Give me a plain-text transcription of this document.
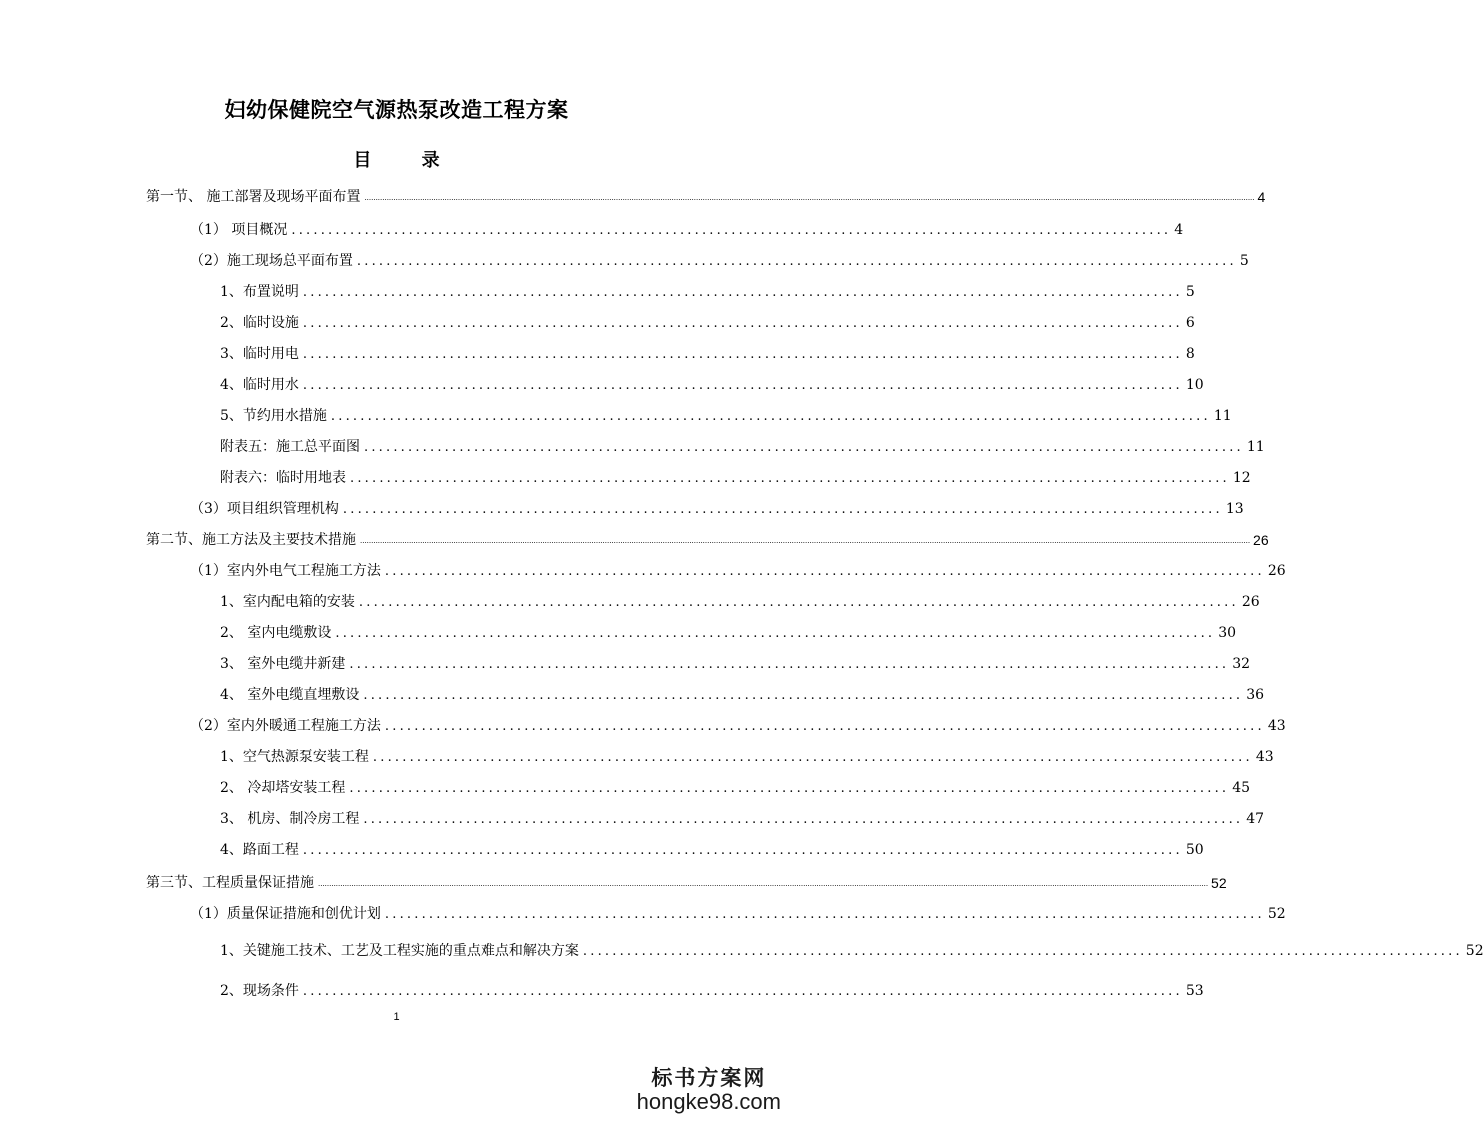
妇幼保健院空气源热泵改造工程方案
目 录
第一节、 施工部署及现场平面布置 ................................................................................................................................................................................................................................................................................................................................................................................................................ 4
（1） 项目概况 ........................................................................................................................ 4
（2）施工现场总平面布置 ........................................................................................................................ 5
1、布置说明 ........................................................................................................................ 5
2、临时设施 ........................................................................................................................ 6
3、临时用电 ........................................................................................................................ 8
4、临时用水 ........................................................................................................................ 10
5、节约用水措施 ........................................................................................................................ 11
附表五：施工总平面图 ........................................................................................................................ 11
附表六：临时用地表 ........................................................................................................................ 12
（3）项目组织管理机构 ........................................................................................................................ 13
第二节、施工方法及主要技术措施 ................................................................................................................................................................................................................................................................................................................................................................................................................ 26
（1）室内外电气工程施工方法 ........................................................................................................................ 26
1、室内配电箱的安装 ........................................................................................................................ 26
2、 室内电缆敷设 ........................................................................................................................ 30
3、 室外电缆井新建 ........................................................................................................................ 32
4、 室外电缆直埋敷设 ........................................................................................................................ 36
（2）室内外暖通工程施工方法 ........................................................................................................................ 43
1、空气热源泵安装工程 ........................................................................................................................ 43
2、 冷却塔安装工程 ........................................................................................................................ 45
3、 机房、制冷房工程 ........................................................................................................................ 47
4、路面工程 ........................................................................................................................ 50
第三节、工程质量保证措施 ................................................................................................................................................................................................................................................................................................................................................................................................................ 52
（1）质量保证措施和创优计划 ........................................................................................................................ 52
1、关键施工技术、工艺及工程实施的重点难点和解决方案 ........................................................................................................................ 52
2、现场条件 ........................................................................................................................ 53
1
标书方案网
hongke98.com
